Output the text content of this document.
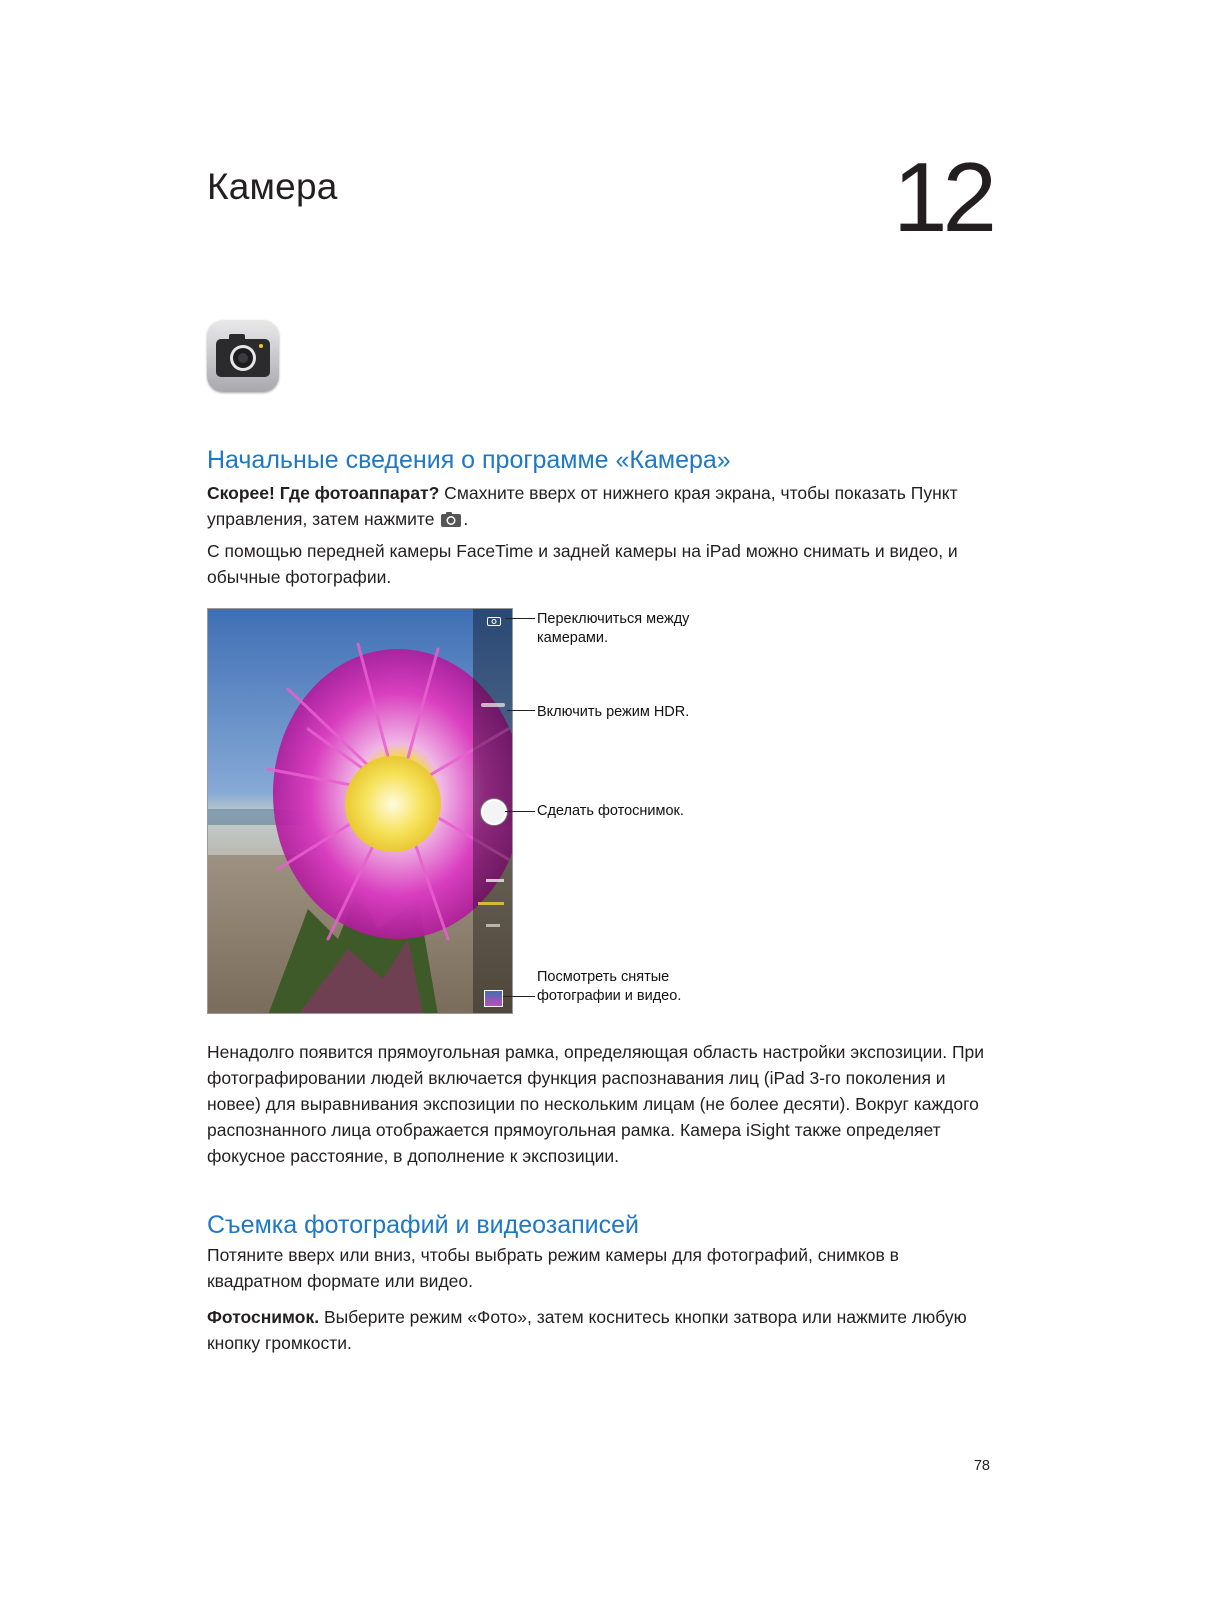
Камера	12
Начальные сведения о программе «Камера»
Скорее! Где фотоаппарат? Смахните вверх от нижнего края экрана, чтобы показать Пункт управления, затем нажмите .
С помощью передней камеры FaceTime и задней камеры на iPad можно снимать и видео, и обычные фотографии.
Переключиться между
камерами.
Включить режим HDR.
Сделать фотоснимок.
Посмотреть снятые
фотографии и видео.
Ненадолго появится прямоугольная рамка, определяющая область настройки экспозиции. При фотографировании людей включается функция распознавания лиц (iPad 3-го поколения и новее) для выравнивания экспозиции по нескольким лицам (не более десяти). Вокруг каждого распознанного лица отображается прямоугольная рамка. Камера iSight также определяет фокусное расстояние, в дополнение к экспозиции.
Съемка фотографий и видеозаписей
Потяните вверх или вниз, чтобы выбрать режим камеры для фотографий, снимков в квадратном формате или видео.
Фотоснимок. Выберите режим «Фото», затем коснитесь кнопки затвора или нажмите любую кнопку громкости.
78
